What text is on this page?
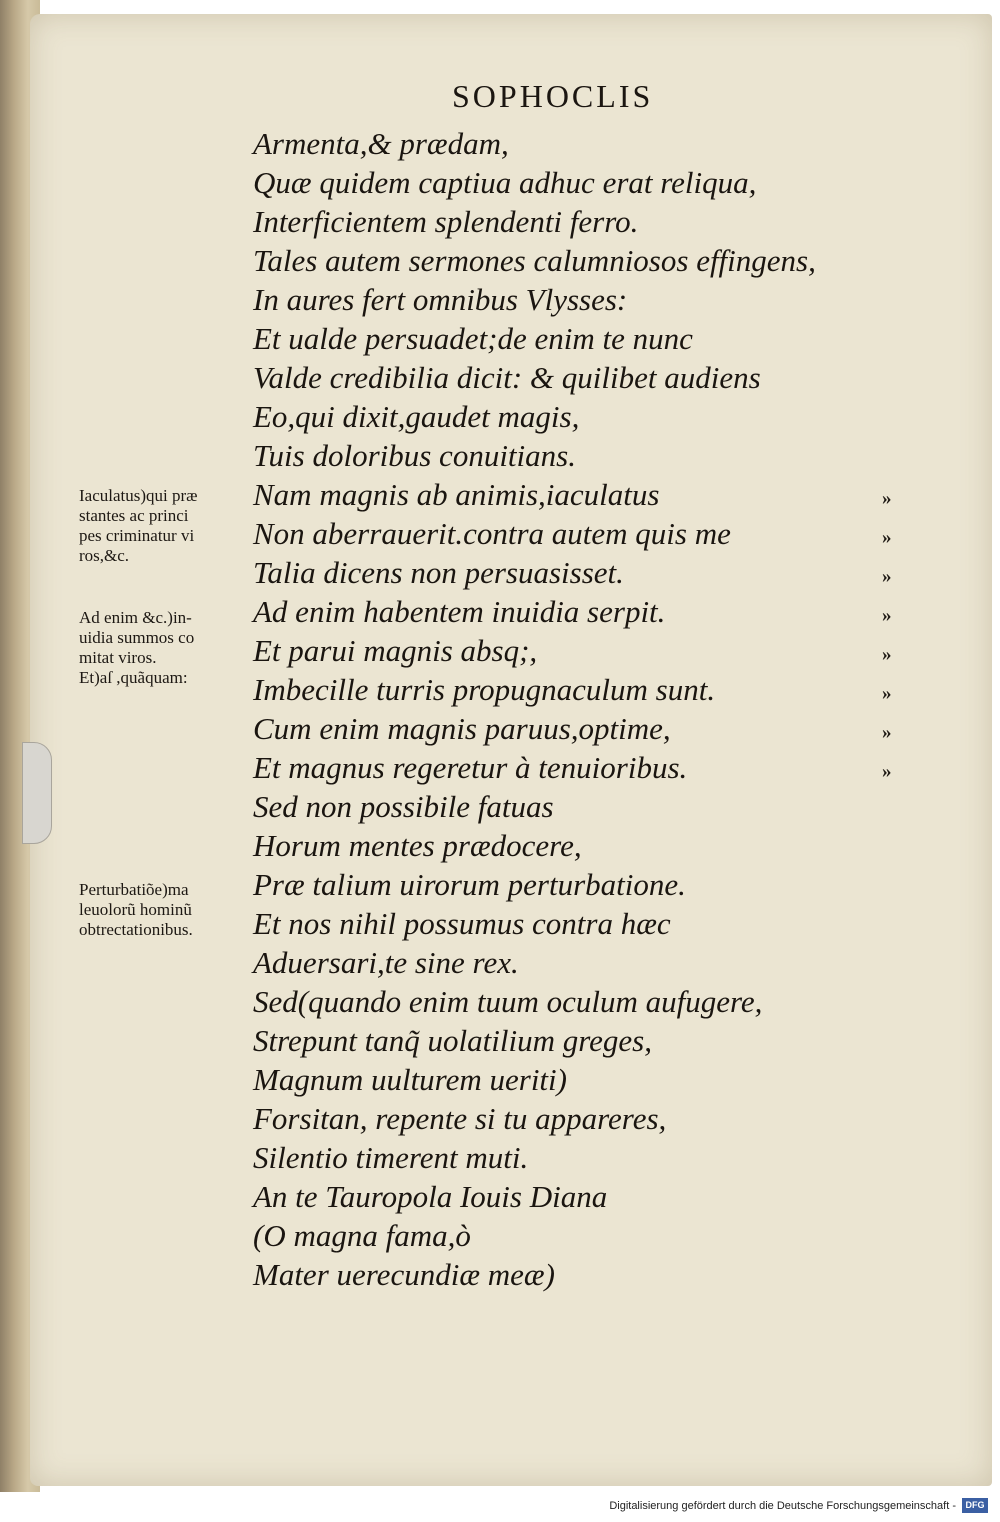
SOPHOCLIS
Armenta,& prædam,
Quæ quidem captiua adhuc erat reliqua,
Interficientem splendenti ferro.
Tales autem sermones calumniosos effingens,
In aures fert omnibus Vlysses:
Et ualde persuadet;de enim te nunc
Valde credibilia dicit: & quilibet audiens
Eo,qui dixit,gaudet magis,
Tuis doloribus conuitians.
Nam magnis ab animis,iaculatus
Non aberrauerit.contra autem quis me
Talia dicens non persuasisset.
Ad enim habentem inuidia serpit.
Et parui magnis absq;,
Imbecille turris propugnaculum sunt.
Cum enim magnis paruus,optime,
Et magnus regeretur à tenuioribus.
Sed non possibile fatuas
Horum mentes prædocere,
Præ talium uirorum perturbatione.
Et nos nihil possumus contra hæc
Aduersari,te sine rex.
Sed(quando enim tuum oculum aufugere,
Strepunt tanq̃ uolatilium greges,
Magnum uulturem ueriti)
Forsitan, repente si tu appareres,
Silentio timerent muti.
An te Tauropola Iouis Diana
(O magna fama,ò
Mater uerecundiæ meæ)
Iaculatus)qui præ
stantes ac princi
pes criminatur vi
ros,&c.
Ad enim &c.)in-
uidia summos co
mitat viros.
Et)aſ ,quãquam:
Perturbatiõe)ma
leuolorũ hominũ
obtrectationibus.
»
»
»
»
»
»
»
»
Digitalisierung gefördert durch die Deutsche Forschungsgemeinschaft -	DFG
